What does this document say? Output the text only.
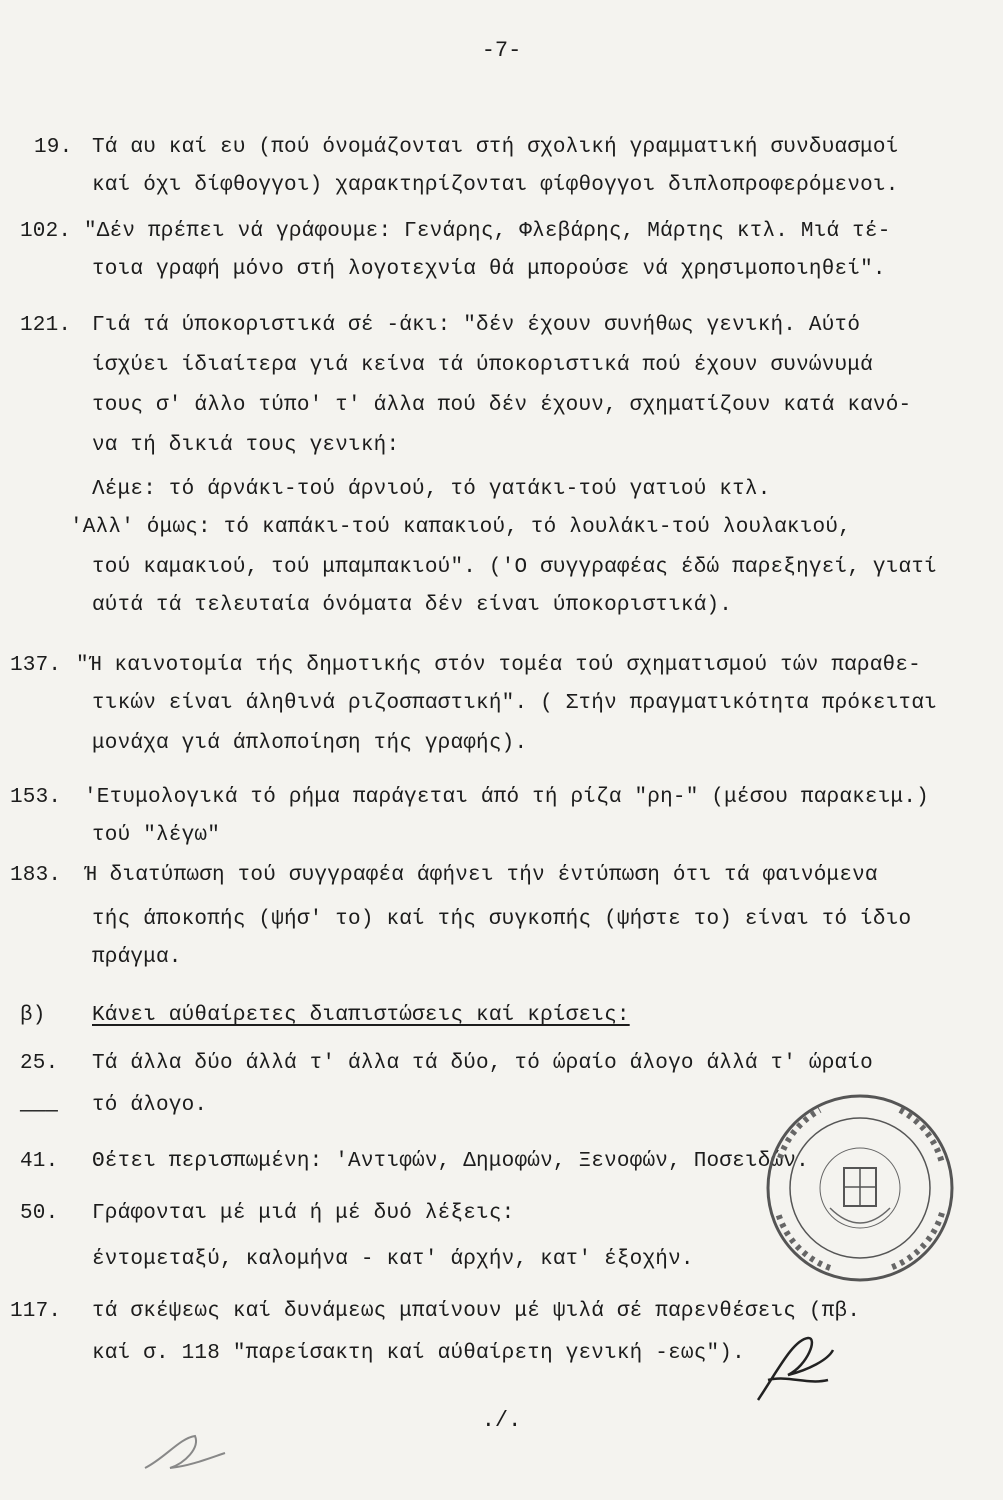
-7-
19. Τά αυ καί ευ (πού όνομάζονται στή σχολική γραμματική συνδυασμοί
καί όχι δίφθογγοι) χαρακτηρίζονται φίφθογγοι διπλοπροφερόμενοι.
102. "Δέν πρέπει νά γράφουμε: Γενάρης, Φλεβάρης, Μάρτης κτλ. Μιά τέ-
τοια γραφή μόνο στή λογοτεχνία θά μπορούσε νά χρησιμοποιηθεί".
121. Γιά τά ύποκοριστικά σέ -άκι: "δέν έχουν συνήθως γενική. Αύτό
ίσχύει ίδιαίτερα γιά κείνα τά ύποκοριστικά πού έχουν συνώνυμά
τους σ' άλλο τύπο' τ' άλλα πού δέν έχουν, σχηματίζουν κατά κανό-
να τή δικιά τους γενική:
Λέμε: τό άρνάκι-τού άρνιού, τό γατάκι-τού γατιού κτλ.
'Αλλ' όμως: τό καπάκι-τού καπακιού, τό λουλάκι-τού λουλακιού,
τού καμακιού, τού μπαμπακιού". ('Ο συγγραφέας έδώ παρεξηγεί, γιατί
αύτά τά τελευταία όνόματα δέν είναι ύποκοριστικά).
137. "Ή καινοτομία τής δημοτικής στόν τομέα τού σχηματισμού τών παραθε-
τικών είναι άληθινά ριζοσπαστική". ( Στήν πραγματικότητα πρόκειται
μονάχα γιά άπλοποίηση τής γραφής).
153. 'Ετυμολογικά τό ρήμα παράγεται άπό τή ρίζα "ρη-" (μέσου παρακειμ.)
τού "λέγω"
183. Ή διατύπωση τού συγγραφέα άφήνει τήν έντύπωση ότι τά φαινόμενα
τής άποκοπής (ψήσ' το) καί τής συγκοπής (ψήστε το) είναι τό ίδιο
πράγμα.
β) Κάνει αύθαίρετες διαπιστώσεις καί κρίσεις:
25. Τά άλλα δύο άλλά τ' άλλα τά δύο, τό ώραίο άλογο άλλά τ' ώραίο
τό άλογο.
―――
41. Θέτει περισπωμένη: 'Αντιφών, Δημοφών, Ξενοφών, Ποσειδών.
50. Γράφονται μέ μιά ή μέ δυό λέξεις:
έντομεταξύ, καλομήνα - κατ' άρχήν, κατ' έξοχήν.
117. τά σκέψεως καί δυνάμεως μπαίνουν μέ ψιλά σέ παρενθέσεις (πβ.
καί σ. 118 "παρείσακτη καί αύθαίρετη γενική -εως").
./.
